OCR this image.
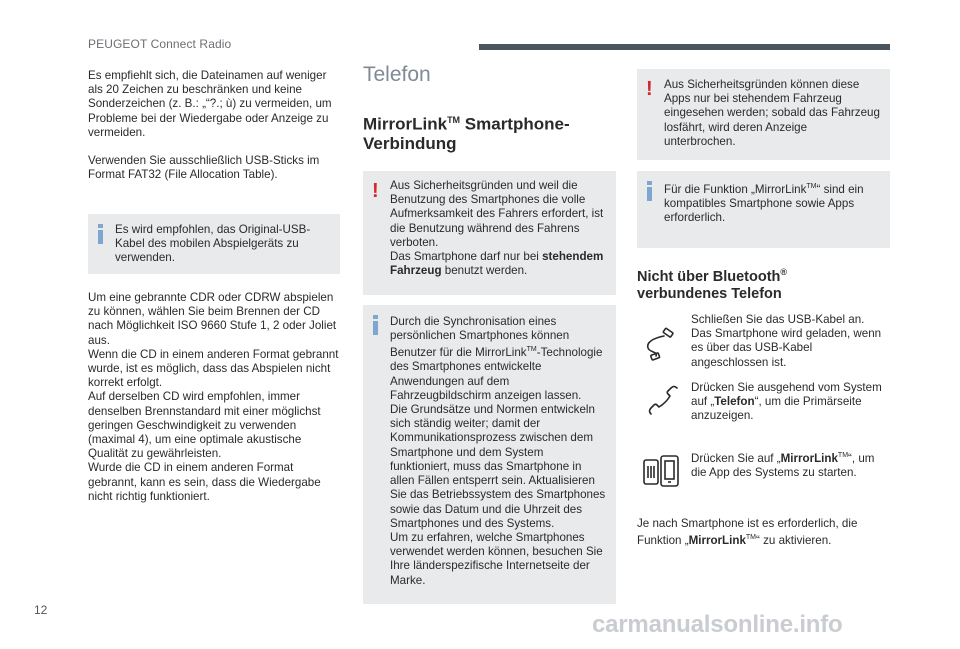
PEUGEOT Connect Radio

Es empfiehlt sich, die Dateinamen auf weniger als 20 Zeichen zu beschränken und keine Sonderzeichen (z. B.: „“?.; ù) zu vermeiden, um Probleme bei der Wiedergabe oder Anzeige zu vermeiden.

Verwenden Sie ausschließlich USB-Sticks im Format FAT32 (File Allocation Table).

Es wird empfohlen, das Original-USB-Kabel des mobilen Abspielgeräts zu verwenden.

Um eine gebrannte CDR oder CDRW abspielen zu können, wählen Sie beim Brennen der CD nach Möglichkeit ISO 9660 Stufe 1, 2 oder Joliet aus.

Wenn die CD in einem anderen Format gebrannt wurde, ist es möglich, dass das Abspielen nicht korrekt erfolgt.

Auf derselben CD wird empfohlen, immer denselben Brennstandard mit einer möglichst geringen Geschwindigkeit zu verwenden (maximal 4), um eine optimale akustische Qualität zu gewährleisten.

Wurde die CD in einem anderen Format gebrannt, kann es sein, dass die Wiedergabe nicht richtig funktioniert.

Telefon
MirrorLink™ Smartphone-Verbindung
! Aus Sicherheitsgründen und weil die Benutzung des Smartphones die volle Aufmerksamkeit des Fahrers erfordert, ist die Benutzung während des Fahrens verboten.

Das Smartphone darf nur bei stehendem Fahrzeug benutzt werden.

Durch die Synchronisation eines persönlichen Smartphones können Benutzer für die MirrorLink™-Technologie des Smartphones entwickelte Anwendungen auf dem Fahrzeugbildschirm anzeigen lassen.

Die Grundsätze und Normen entwickeln sich ständig weiter; damit der Kommunikationsprozess zwischen dem Smartphone und dem System funktioniert, muss das Smartphone in allen Fällen entsperrt sein. Aktualisieren Sie das Betriebssystem des Smartphones sowie das Datum und die Uhrzeit des Smartphones und des Systems.

Um zu erfahren, welche Smartphones verwendet werden können, besuchen Sie Ihre länderspezifische Internetseite der Marke.

! Aus Sicherheitsgründen können diese Apps nur bei stehendem Fahrzeug eingesehen werden; sobald das Fahrzeug losfährt, wird deren Anzeige unterbrochen.

Für die Funktion „MirrorLink™“ sind ein kompatibles Smartphone sowie Apps erforderlich.

Nicht über Bluetooth®
verbundenes Telefon

Schließen Sie das USB-Kabel an. Das Smartphone wird geladen, wenn es über das USB-Kabel angeschlossen ist.

Drücken Sie ausgehend vom System auf „Telefon“, um die Primärseite anzuzeigen.

Drücken Sie auf „MirrorLink™“, um die App des Systems zu starten.

Je nach Smartphone ist es erforderlich, die Funktion „MirrorLink™“ zu aktivieren.

12
carmanualsonline.info
